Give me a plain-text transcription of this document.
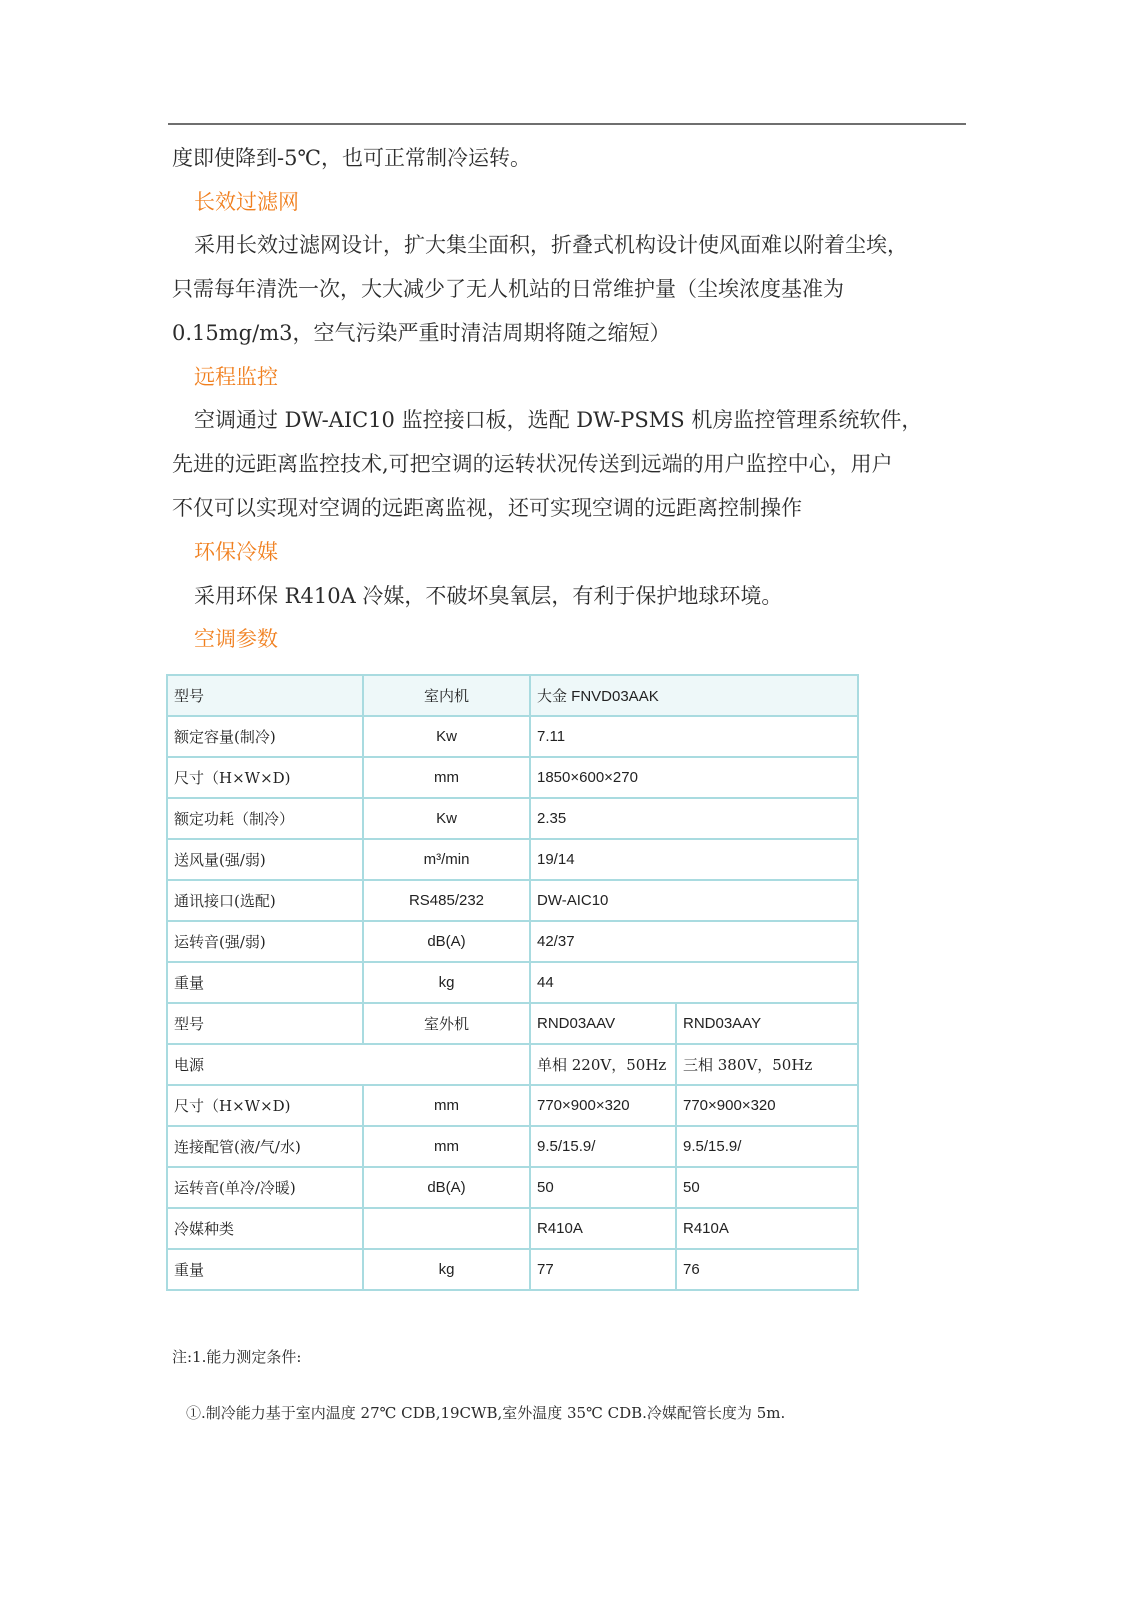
度即使降到-5℃，也可正常制冷运转。
长效过滤网
采用长效过滤网设计，扩大集尘面积，折叠式机构设计使风面难以附着尘埃，
只需每年清洗一次，大大减少了无人机站的日常维护量（尘埃浓度基准为
0.15mg/m3，空气污染严重时清洁周期将随之缩短）
远程监控
空调通过 DW-AIC10 监控接口板，选配 DW-PSMS 机房监控管理系统软件，
先进的远距离监控技术,可把空调的运转状况传送到远端的用户监控中心，用户
不仅可以实现对空调的远距离监视，还可实现空调的远距离控制操作
环保冷媒
采用环保 R410A 冷媒，不破坏臭氧层，有利于保护地球环境。
空调参数
型号	室内机	大金 FNVD03AAK	
额定容量(制冷)	Kw	7.11	
尺寸（H×W×D)	mm	1850×600×270	
额定功耗（制冷）	Kw	2.35	
送风量(强/弱)	m³/min	19/14	
通讯接口(选配)	RS485/232	DW-AIC10	
运转音(强/弱)	dB(A)	42/37	
重量	kg	44	
型号	室外机	RND03AAV	RND03AAY
电源		单相 220V，50Hz	三相 380V，50Hz
尺寸（H×W×D)	mm	770×900×320	770×900×320
连接配管(液/气/水)	mm	9.5/15.9/	9.5/15.9/
运转音(单冷/冷暖)	dB(A)	50	50
冷媒种类		R410A	R410A
重量	kg	77	76
注:1.能力测定条件:
①.制冷能力基于室内温度 27℃ CDB,19CWB,室外温度 35℃ CDB.冷媒配管长度为 5m.
